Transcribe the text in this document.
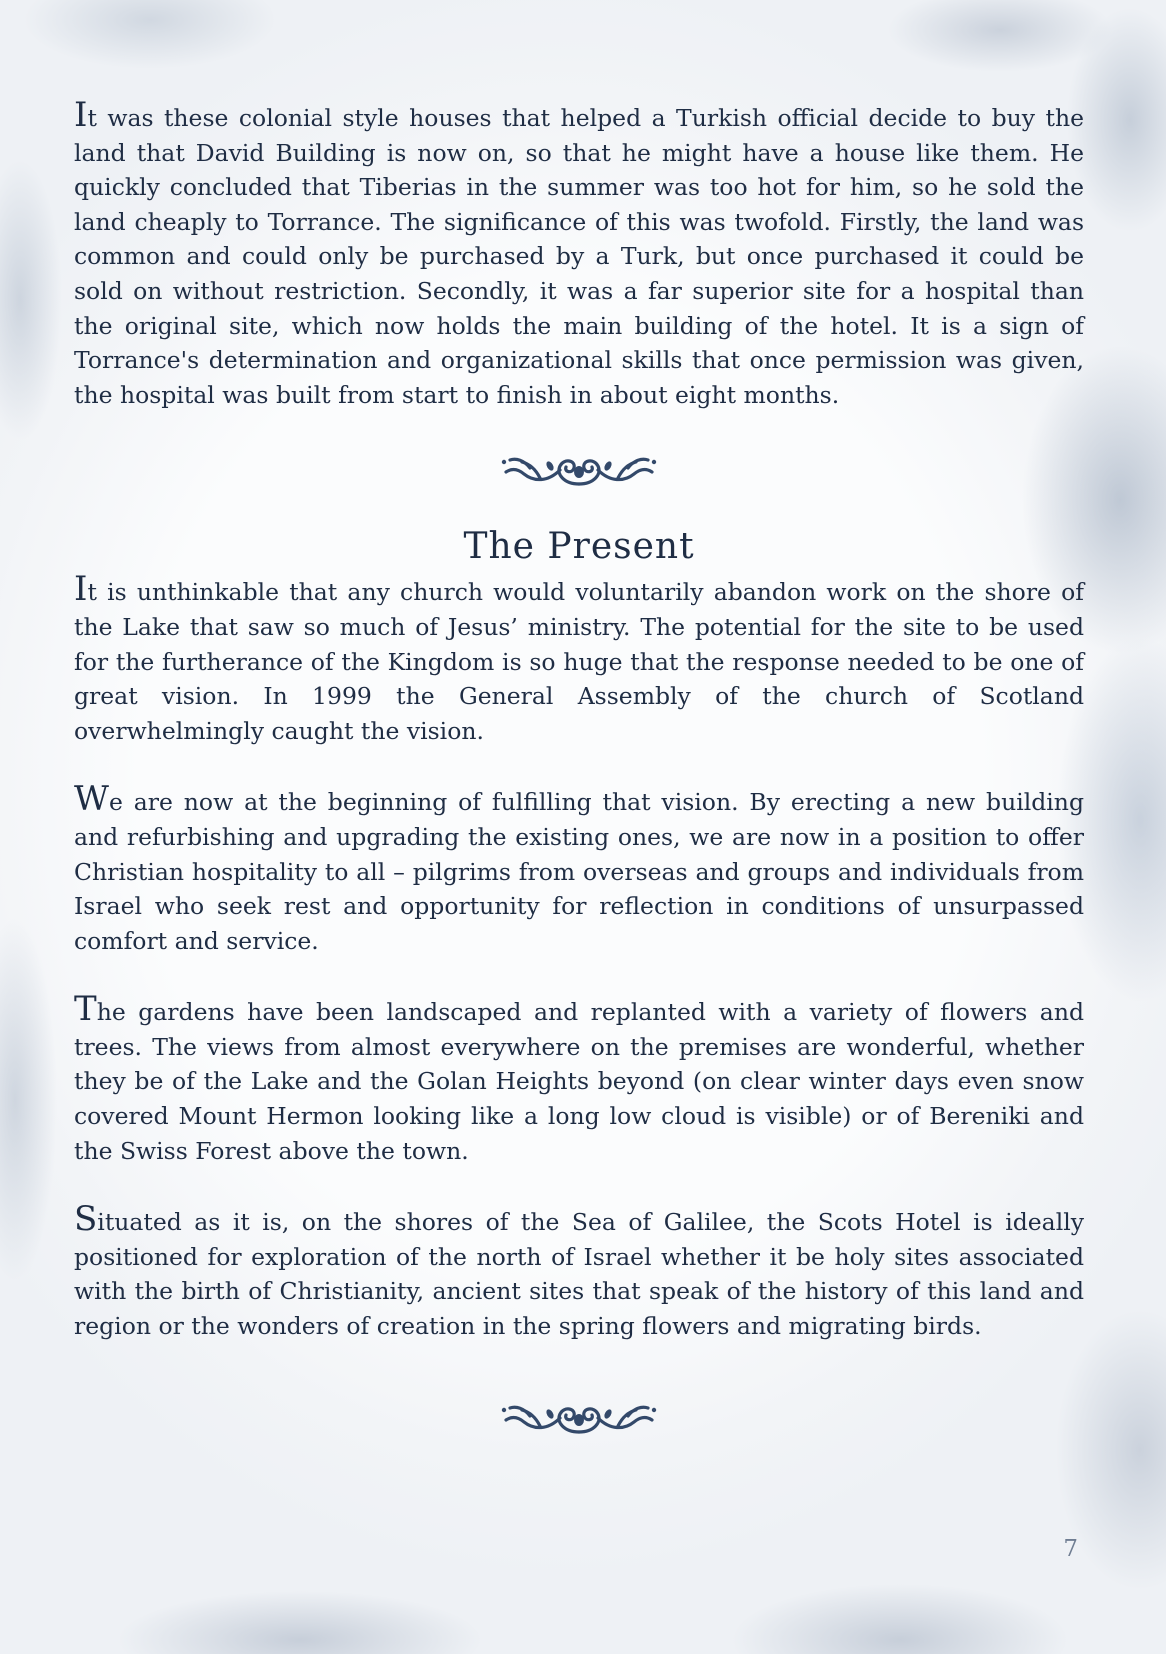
It was these colonial style houses that helped a Turkish official decide to buy the land that David Building is now on, so that he might have a house like them. He quickly concluded that Tiberias in the summer was too hot for him, so he sold the land cheaply to Torrance. The significance of this was twofold. Firstly, the land was common and could only be purchased by a Turk, but once purchased it could be sold on without restriction. Secondly, it was a far superior site for a hospital than the original site, which now holds the main building of the hotel. It is a sign of Torrance's determination and organizational skills that once permission was given, the hospital was built from start to finish in about eight months.

The Present

It is unthinkable that any church would voluntarily abandon work on the shore of the Lake that saw so much of Jesus’ ministry. The potential for the site to be used for the furtherance of the Kingdom is so huge that the response needed to be one of great vision. In 1999 the General Assembly of the church of Scotland overwhelmingly caught the vision.

We are now at the beginning of fulfilling that vision. By erecting a new building and refurbishing and upgrading the existing ones, we are now in a position to offer Christian hospitality to all – pilgrims from overseas and groups and individuals from Israel who seek rest and opportunity for reflection in conditions of unsurpassed comfort and service.

The gardens have been landscaped and replanted with a variety of flowers and trees. The views from almost everywhere on the premises are wonderful, whether they be of the Lake and the Golan Heights beyond (on clear winter days even snow covered Mount Hermon looking like a long low cloud is visible) or of Bereniki and the Swiss Forest above the town.

Situated as it is, on the shores of the Sea of Galilee, the Scots Hotel is ideally positioned for exploration of the north of Israel whether it be holy sites associated with the birth of Christianity, ancient sites that speak of the history of this land and region or the wonders of creation in the spring flowers and migrating birds.

7
